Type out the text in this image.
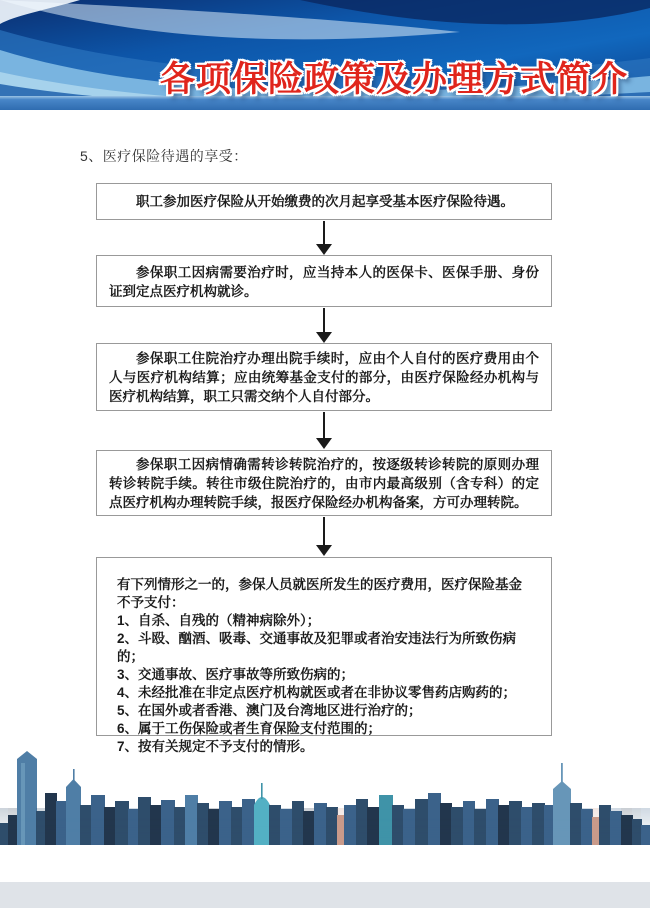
各项保险政策及办理方式简介
5、医疗保险待遇的享受：

职工参加医疗保险从开始缴费的次月起享受基本医疗保险待遇。

参保职工因病需要治疗时，应当持本人的医保卡、医保手册、身份证到定点医疗机构就诊。

参保职工住院治疗办理出院手续时，应由个人自付的医疗费用由个人与医疗机构结算；应由统筹基金支付的部分，由医疗保险经办机构与医疗机构结算，职工只需交纳个人自付部分。

参保职工因病情确需转诊转院治疗的，按逐级转诊转院的原则办理转诊转院手续。转往市级住院治疗的，由市内最高级别（含专科）的定点医疗机构办理转院手续，报医疗保险经办机构备案，方可办理转院。

有下列情形之一的，参保人员就医所发生的医疗费用，医疗保险基金不予支付：
1、自杀、自残的（精神病除外）；
2、斗殴、酗酒、吸毒、交通事故及犯罪或者治安违法行为所致伤病的；
3、交通事故、医疗事故等所致伤病的；
4、未经批准在非定点医疗机构就医或者在非协议零售药店购药的；
5、在国外或者香港、澳门及台湾地区进行治疗的；
6、属于工伤保险或者生育保险支付范围的；
7、按有关规定不予支付的情形。
